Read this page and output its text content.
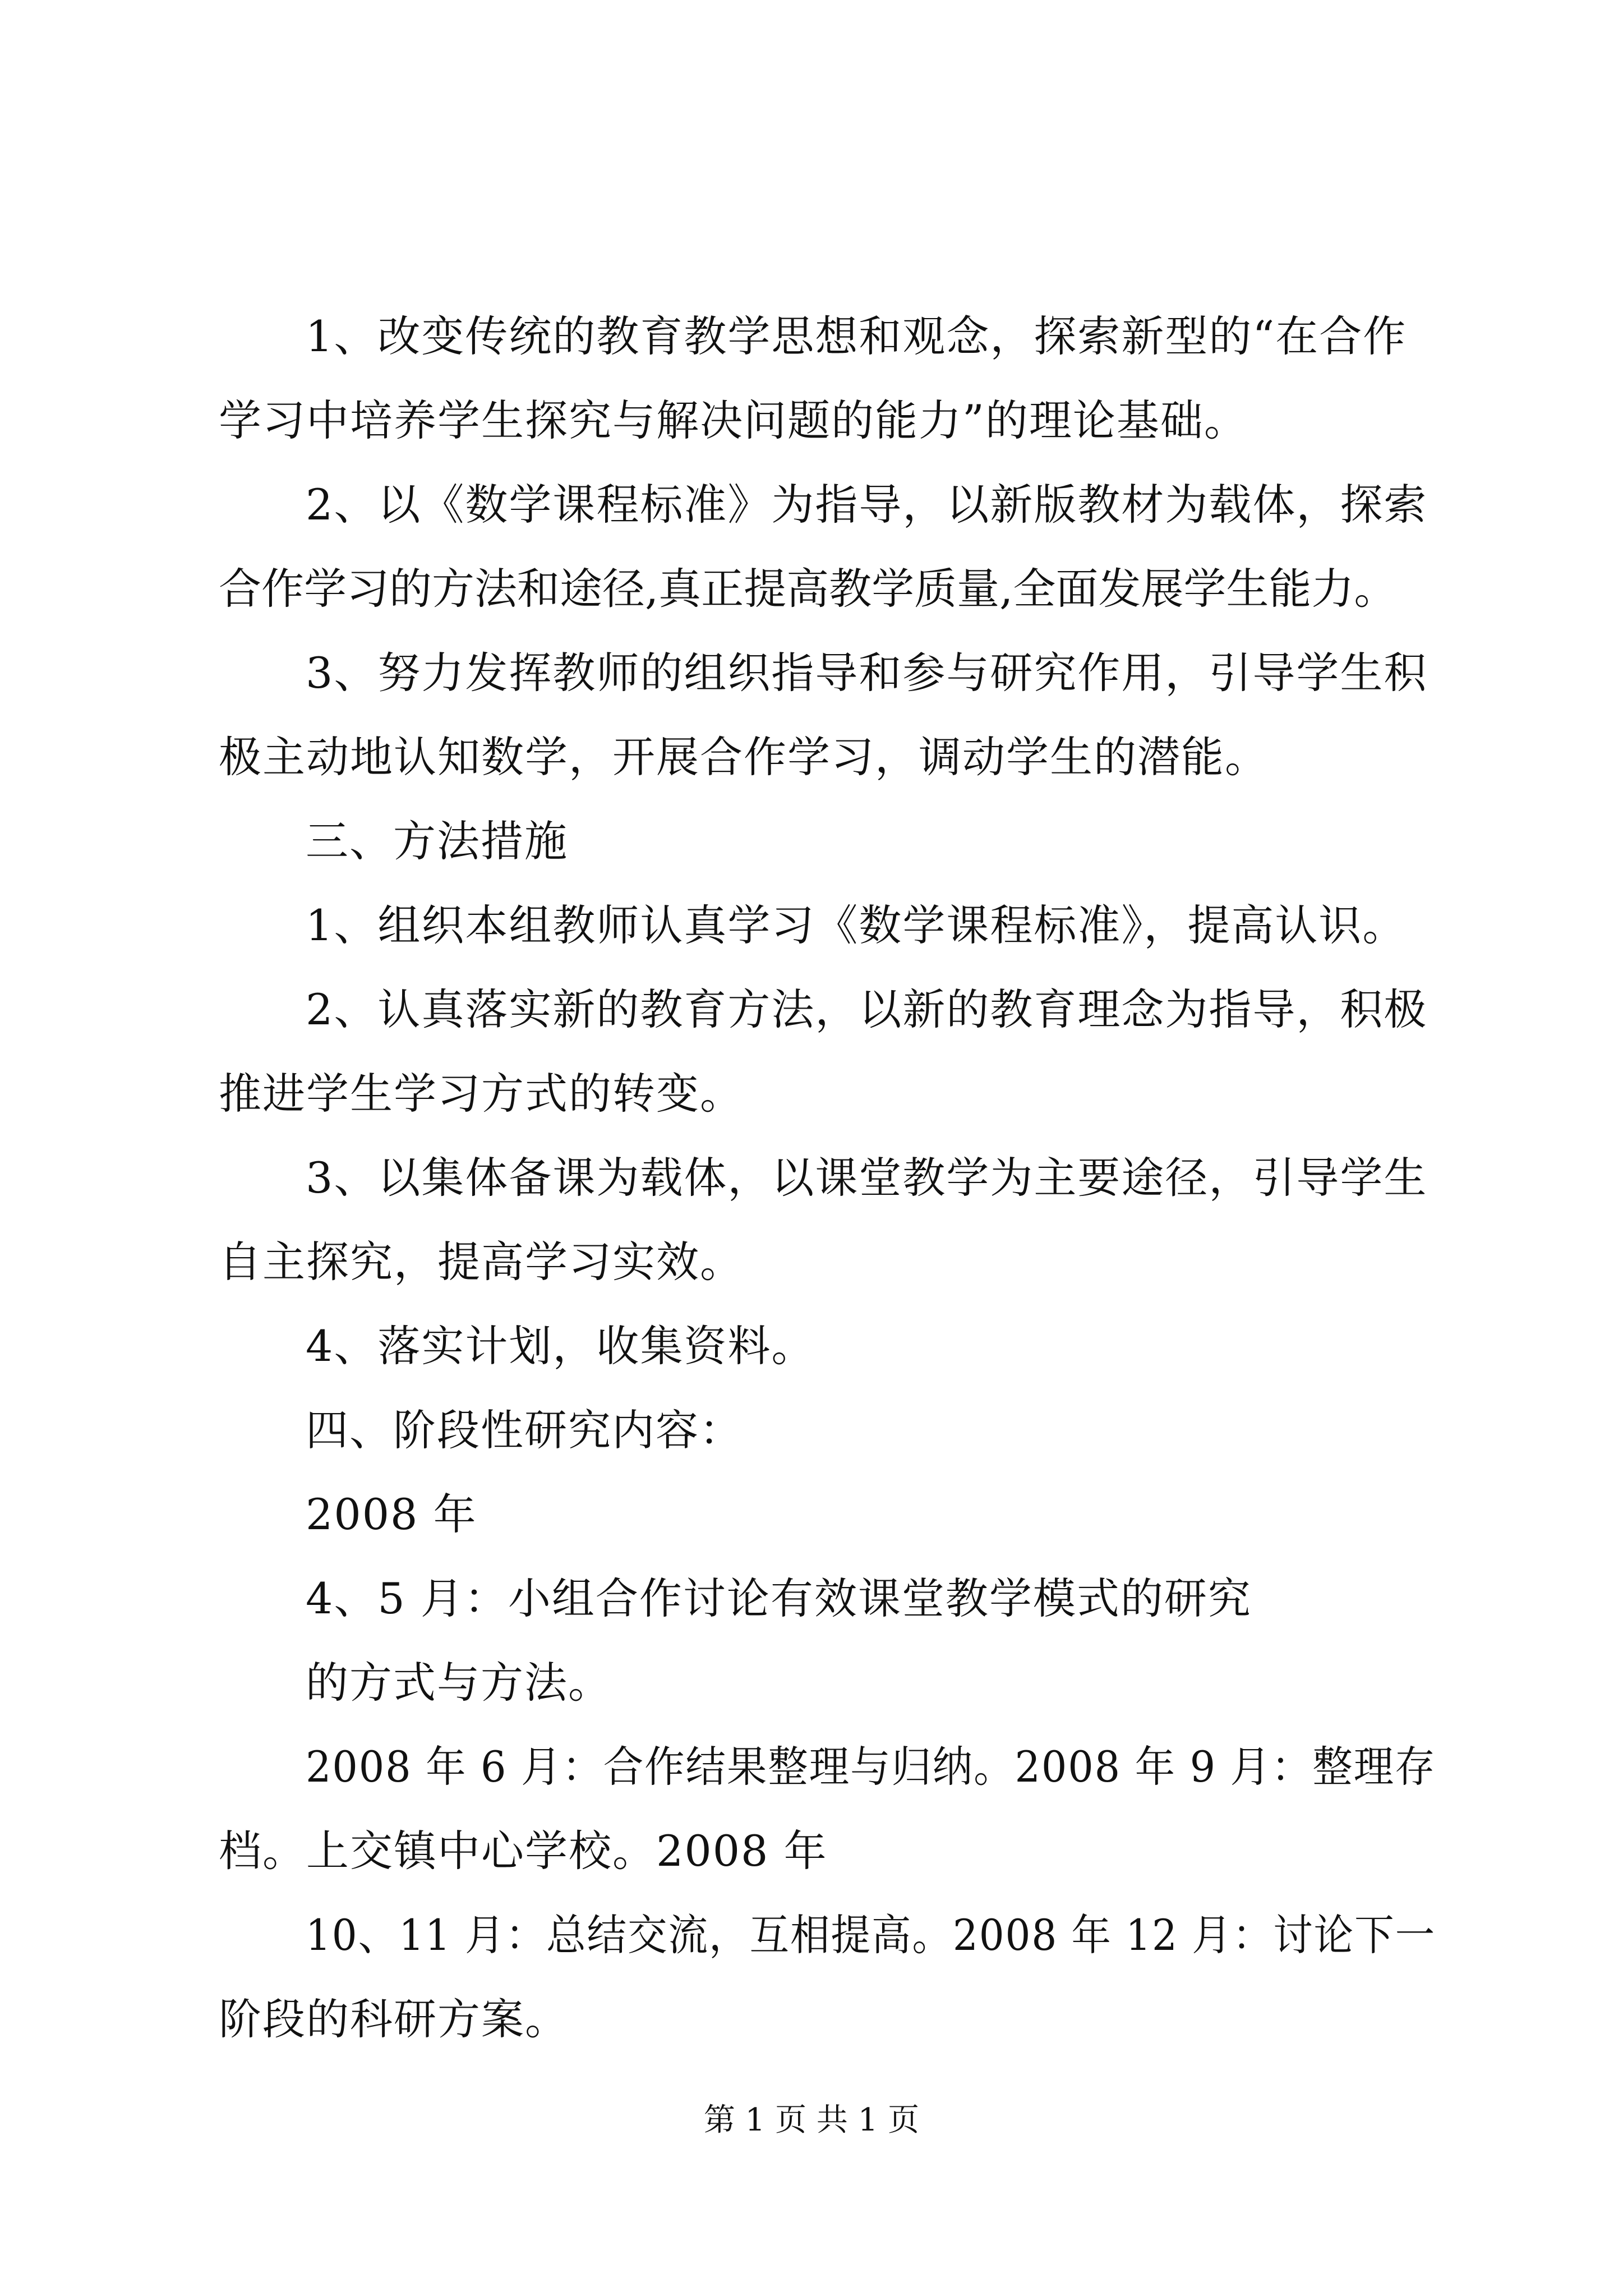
1、改变传统的教育教学思想和观念，探索新型的“在合作
学习中培养学生探究与解决问题的能力”的理论基础。
2、以《数学课程标准》为指导，以新版教材为载体，探索
合作学习的方法和途径,真正提高教学质量,全面发展学生能力。
3、努力发挥教师的组织指导和参与研究作用，引导学生积
极主动地认知数学，开展合作学习，调动学生的潜能。
三、方法措施
1、组织本组教师认真学习《数学课程标准》，提高认识。
2、认真落实新的教育方法，以新的教育理念为指导，积极
推进学生学习方式的转变。
3、以集体备课为载体，以课堂教学为主要途径，引导学生
自主探究，提高学习实效。
4、落实计划，收集资料。
四、阶段性研究内容：
2008 年
4、5 月：小组合作讨论有效课堂教学模式的研究
的方式与方法。
2008 年 6 月：合作结果整理与归纳。2008 年 9 月：整理存
档。上交镇中心学校。2008 年
10、11 月：总结交流，互相提高。2008 年 12 月：讨论下一
阶段的科研方案。
第 1 页 共 1 页
